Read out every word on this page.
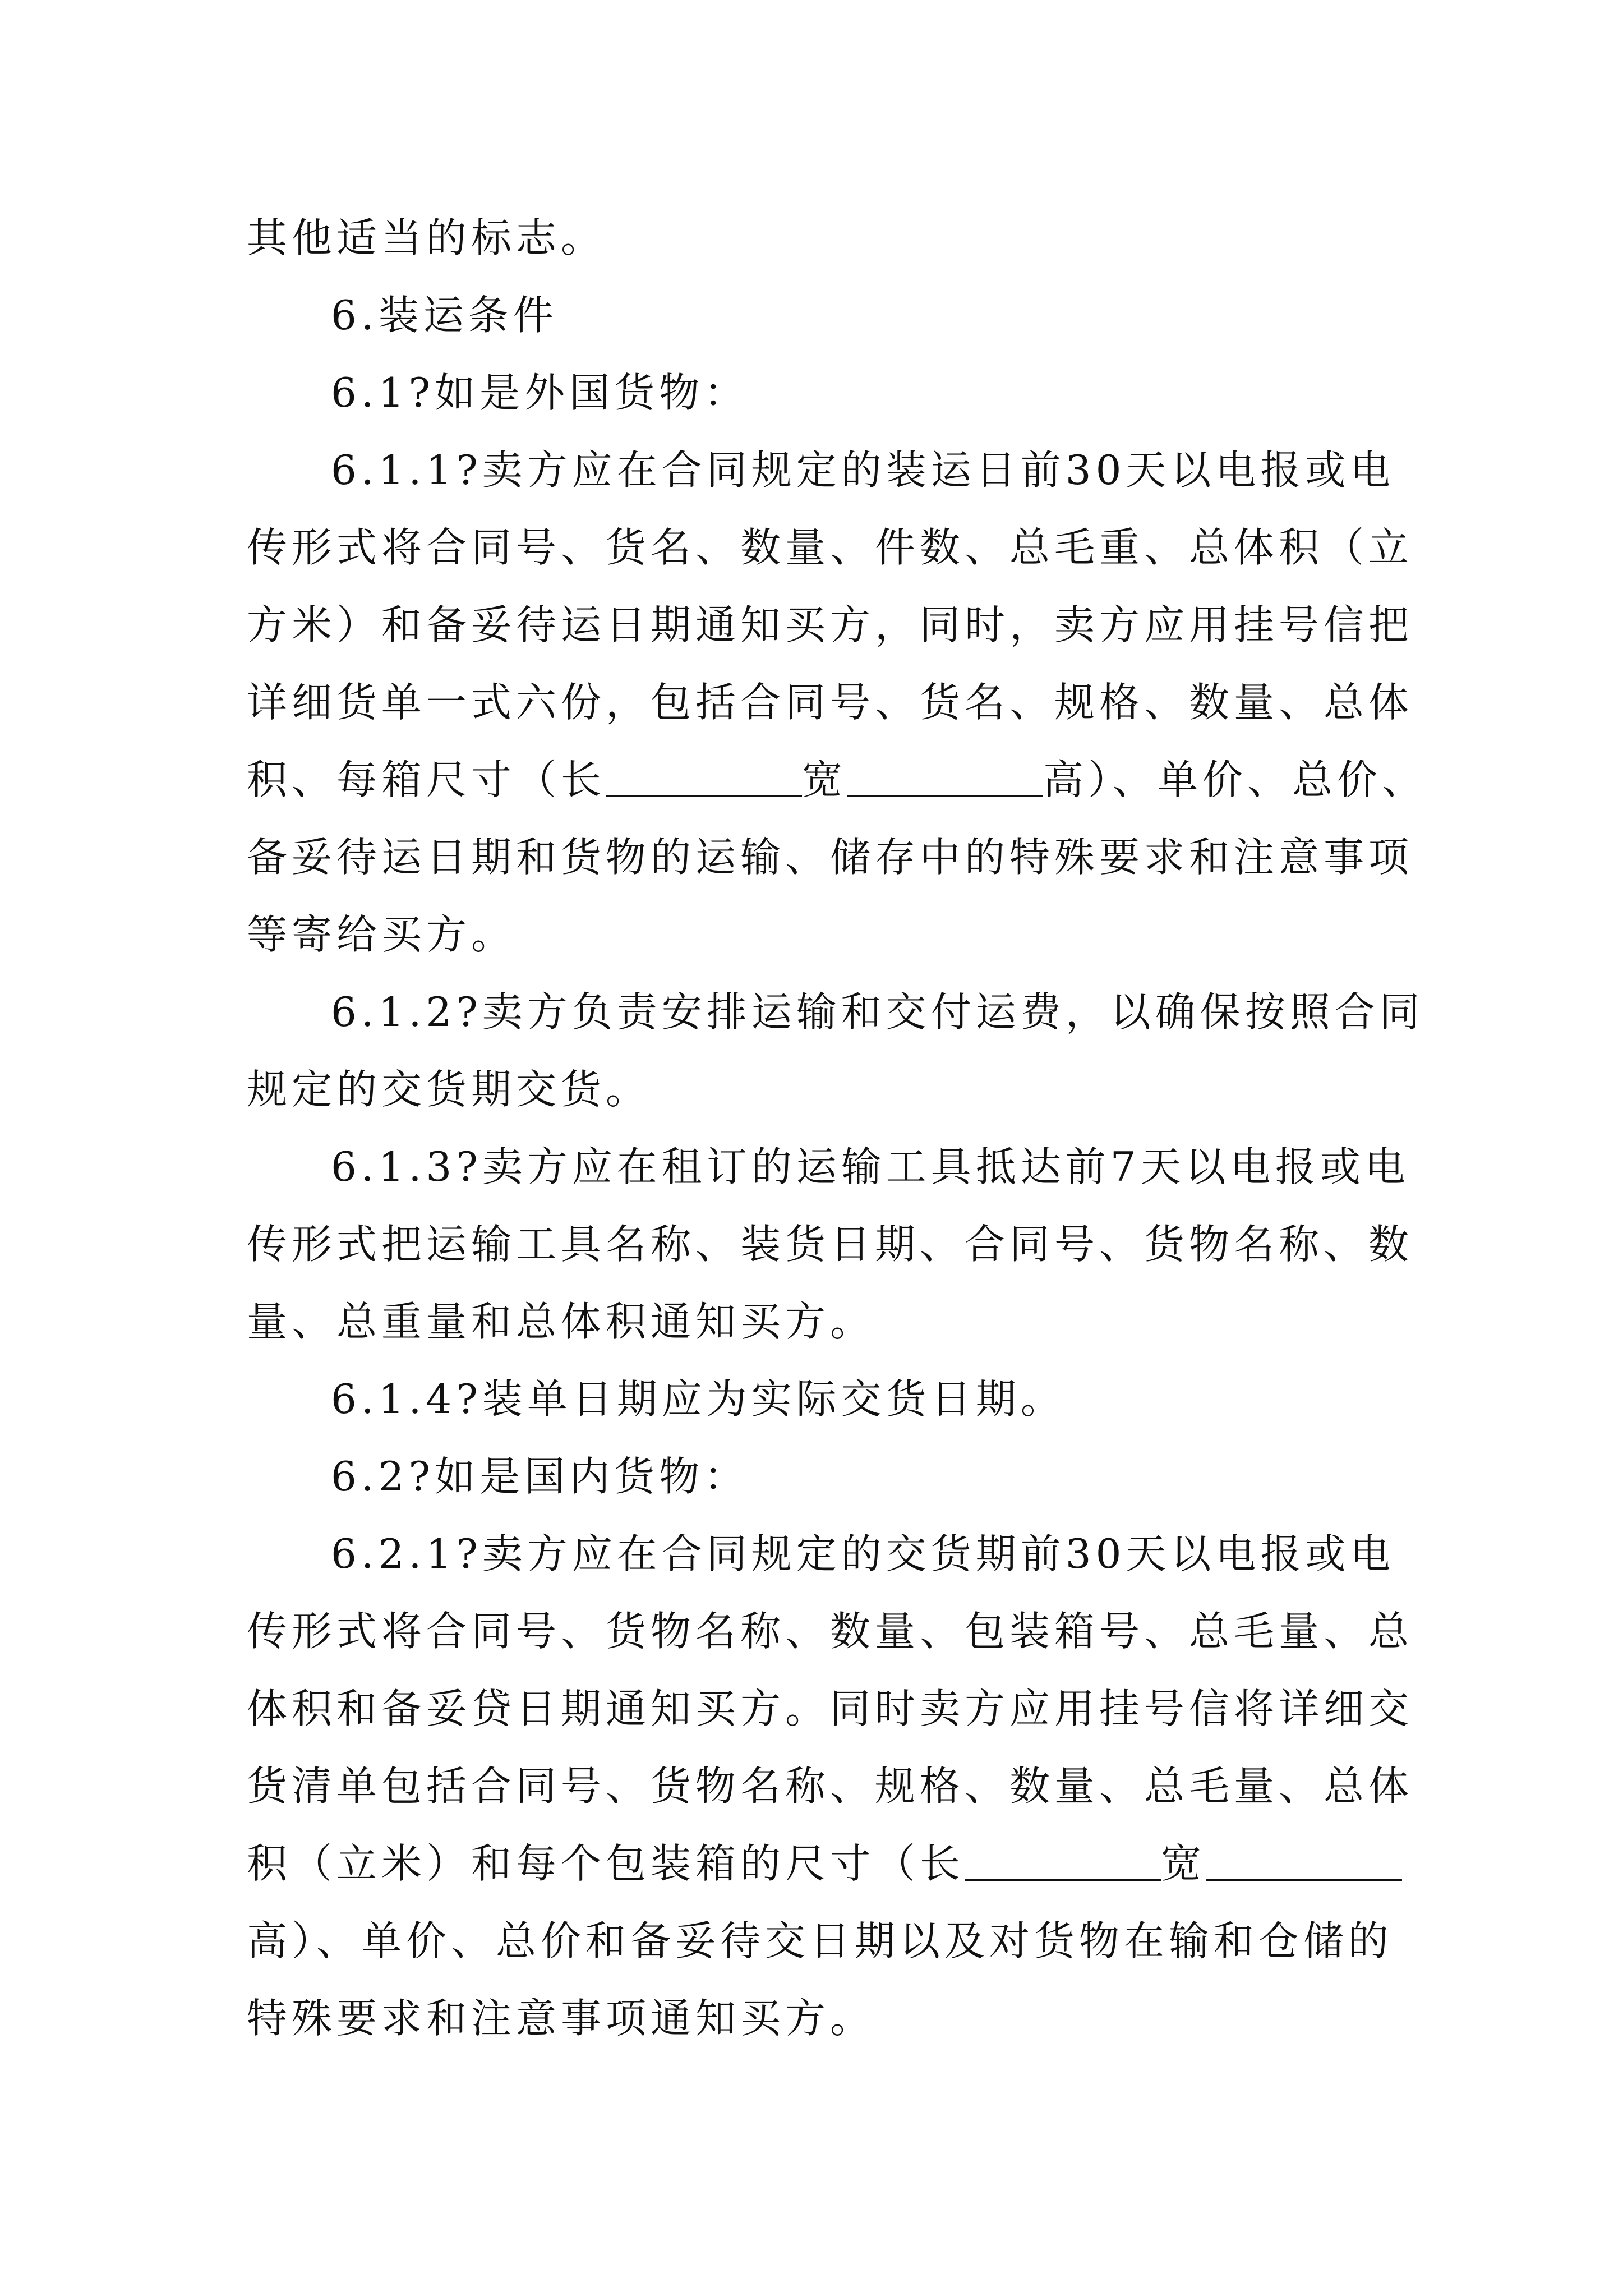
其他适当的标志。
6.装运条件
6.1?如是外国货物：
6.1.1?卖方应在合同规定的装运日前30天以电报或电
传形式将合同号、货名、数量、件数、总毛重、总体积（立
方米）和备妥待运日期通知买方，同时，卖方应用挂号信把
详细货单一式六份，包括合同号、货名、规格、数量、总体
积、每箱尺寸（长	宽	高）、单价、总价、
备妥待运日期和货物的运输、储存中的特殊要求和注意事项
等寄给买方。
6.1.2?卖方负责安排运输和交付运费，以确保按照合同
规定的交货期交货。
6.1.3?卖方应在租订的运输工具抵达前7天以电报或电
传形式把运输工具名称、装货日期、合同号、货物名称、数
量、总重量和总体积通知买方。
6.1.4?装单日期应为实际交货日期。
6.2?如是国内货物：
6.2.1?卖方应在合同规定的交货期前30天以电报或电
传形式将合同号、货物名称、数量、包装箱号、总毛量、总
体积和备妥贷日期通知买方。同时卖方应用挂号信将详细交
货清单包括合同号、货物名称、规格、数量、总毛量、总体
积（立米）和每个包装箱的尺寸（长	宽
高）、单价、总价和备妥待交日期以及对货物在输和仓储的
特殊要求和注意事项通知买方。
